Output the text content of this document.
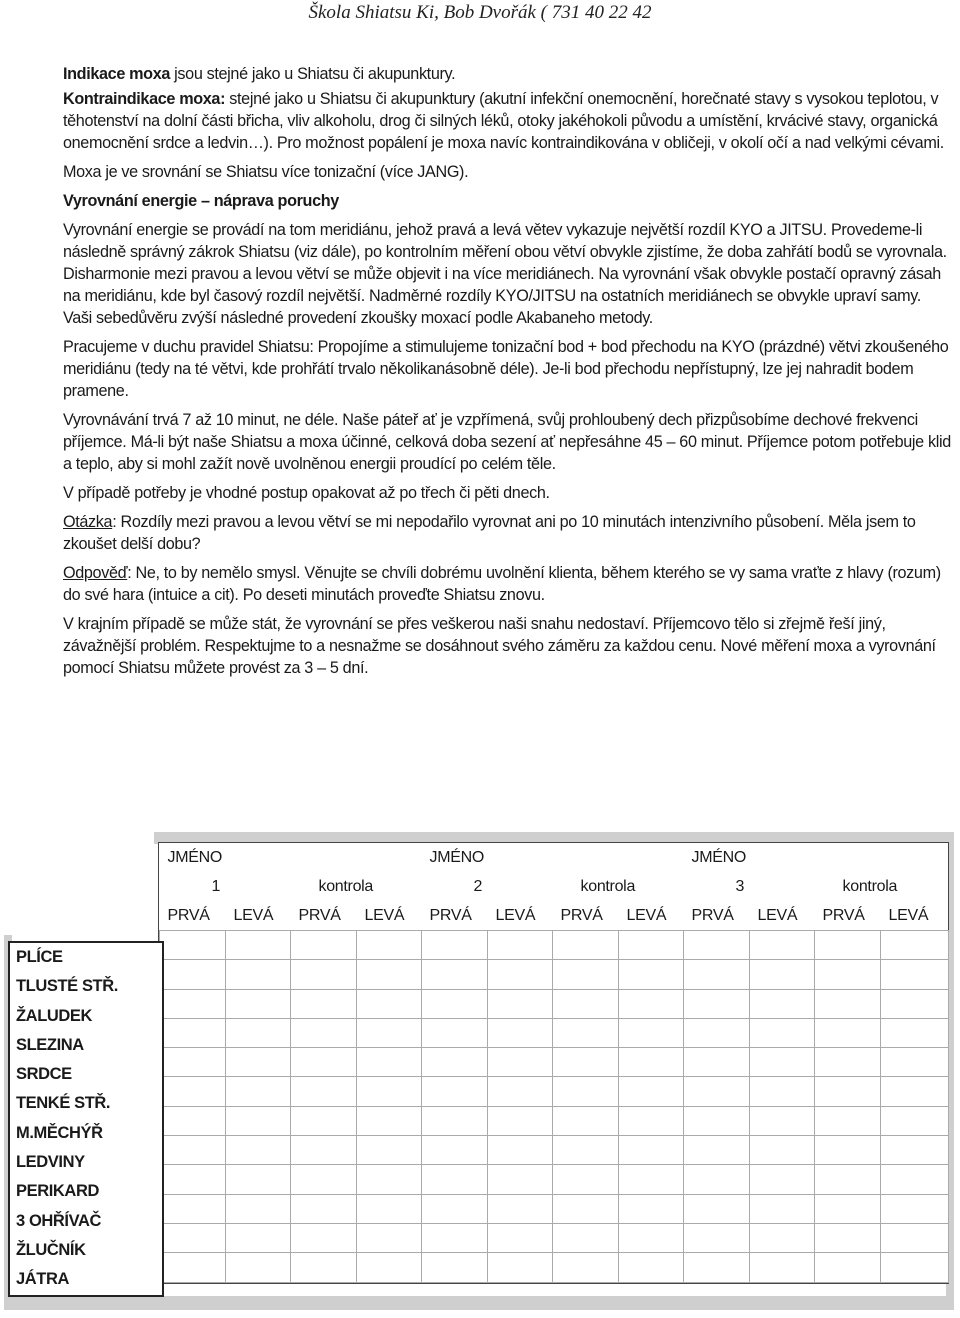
Škola Shiatsu Ki, Bob Dvořák ( 731 40 22 42

Indikace moxa jsou stejné jako u Shiatsu či akupunktury.

Kontraindikace moxa: stejné jako u Shiatsu či akupunktury (akutní infekční onemocnění, horečnaté stavy s vysokou teplotou, v těhotenství na dolní části břicha, vliv alkoholu, drog či silných léků, otoky jakéhokoli původu a umístění, krvácivé stavy, organická onemocnění srdce a ledvin…). Pro možnost popálení je moxa navíc kontraindikována v obličeji, v okolí očí a nad velkými cévami.

Moxa je ve srovnání se Shiatsu více tonizační (více JANG).

Vyrovnání energie – náprava poruchy

Vyrovnání energie se provádí na tom meridiánu, jehož pravá a levá větev vykazuje největší rozdíl KYO a JITSU. Provedeme-li následně správný zákrok Shiatsu (viz dále), po kontrolním měření obou větví obvykle zjistíme, že doba zahřátí bodů se vyrovnala. Disharmonie mezi pravou a levou větví se může objevit i na více meridiánech. Na vyrovnání však obvykle postačí opravný zásah na meridiánu, kde byl časový rozdíl největší. Nadměrné rozdíly KYO/JITSU na ostatních meridiánech se obvykle upraví samy. Vaši sebedůvěru zvýší následné provedení zkoušky moxací podle Akabaneho metody.

Pracujeme v duchu pravidel Shiatsu: Propojíme a stimulujeme tonizační bod + bod přechodu na KYO (prázdné) větvi zkoušeného meridiánu (tedy na té větvi, kde prohřátí trvalo několikanásobně déle). Je-li bod přechodu nepřístupný, lze jej nahradit bodem pramene.

Vyrovnávání trvá 7 až 10 minut, ne déle. Naše páteř ať je vzpřímená, svůj prohloubený dech přizpůsobíme dechové frekvenci příjemce. Má-li být naše Shiatsu a moxa účinné, celková doba sezení ať nepřesáhne 45 – 60 minut. Příjemce potom potřebuje klid a teplo, aby si mohl zažít nově uvolněnou energii proudící po celém těle.

V případě potřeby je vhodné postup opakovat až po třech či pěti dnech.

Otázka: Rozdíly mezi pravou a levou větví se mi nepodařilo vyrovnat ani po 10 minutách intenzivního působení. Měla jsem to zkoušet delší dobu?

Odpověď: Ne, to by nemělo smysl. Věnujte se chvíli dobrému uvolnění klienta, během kterého se vy sama vraťte z hlavy (rozum) do své hara (intuice a cit). Po deseti minutách proveďte Shiatsu znovu.

V krajním případě se může stát, že vyrovnání se přes veškerou naši snahu nedostaví. Příjemcovo tělo si zřejmě řeší jiný, závažnější problém. Respektujme to a nesnažme se dosáhnout svého záměru za každou cenu. Nové měření moxa a vyrovnání pomocí Shiatsu můžete provést za 3 – 5 dní.

JMÉNO				JMÉNO				JMÉNO			
1		kontrola		2		kontrola		3		kontrola	
PRVÁ	LEVÁ	PRVÁ	LEVÁ	PRVÁ	LEVÁ	PRVÁ	LEVÁ	PRVÁ	LEVÁ	PRVÁ	LEVÁ

PLÍCE
TLUSTÉ STŘ.
ŽALUDEK
SLEZINA
SRDCE
TENKÉ STŘ.
M.MĚCHÝŘ
LEDVINY
PERIKARD
3 OHŘÍVAČ
ŽLUČNÍK
JÁTRA
